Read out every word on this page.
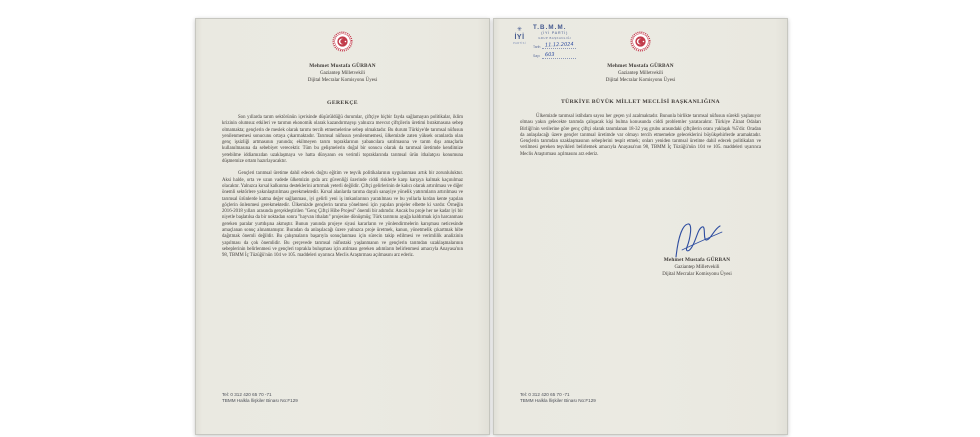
Mehmet Mustafa GÜRBAN
Gaziantep Milletvekili
Dijital Mecralar Komisyonu Üyesi
GEREKÇE

Son yıllarda tarım sektörünün içerisinde düşürüldüğü durumlar, çiftçiye hiçbir fayda sağlamayan politikalar, iklim krizinin olumsuz etkileri ve tarımın ekonomik olarak kazandırmayışı yalnızca mevcut çiftçilerin üretimi bırakmasına sebep olmamakta; gençlerin de meslek olarak tarımı tercih etmemelerine sebep olmaktadır. Bu durum Türkiye'de tarımsal nüfusun yenilenmemesi sonucunu ortaya çıkarmaktadır. Tarımsal nüfusun yenilenmemesi, ülkemizde zaten yüksek oranlarda olan genç işsizliği artmasının yanında; ekilmeyen tarım topraklarının yabancılara satılmasına ve tarım dışı amaçlarla kullanılmasına da sebebiyet verecektir. Tüm bu gelişmelerin doğal bir sonucu olarak da tarımsal üretimde kendimize yetebilme iddiamızdan uzaklaşmaya ve hatta dünyanın en verimli topraklarında tarımsal ürün ithalatçısı konumuna düşmemize ortam hazırlayacaktır.

Gençleri tarımsal üretime dahil edecek doğru eğitim ve teşvik politikalarının uygulanması artık bir zorunluluktur. Aksi halde, orta ve uzun vadede ülkemizin gıda arz güvenliği üzerinde ciddi risklerle karşı karşıya kalmak kaçınılmaz olacaktır. Yalnızca kırsal kalkınma desteklerini artırmak yeterli değildir. Çiftçi gelirlerinin de kalıcı olarak artırılması ve diğer önemli sektörlere yakınlaştırılması gerekmektedir. Kırsal alanlarda tarıma dayalı sanayiye yönelik yatırımların artırılması ve tarımsal ürünlerde katma değer sağlanması, iyi gelirli yeni iş imkanlarının yaratılması ve bu yollarla kırdan kente yapılan göçlerin önlenmesi gerekmektedir. Ülkemizde gençlerin tarıma yönelmesi için yapılan projeler elbette ki vardır. Örneğin 2016-2018 yılları arasında gerçekleştirilen "Genç Çiftçi Hibe Projesi" önemli bir adımdır. Ancak bu proje her ne kadar iyi bir niyetle başlatılsa da bir noktadan sonra "hayvan ithalatı" projesine dönüşmüş; Türk tarımını ayağa kaldırmak için harcanması gereken paralar yurtdışına akmıştır. Bunun yanında projeye siyasi kararların ve yönlendirmelerin karışması neticesinde amaçlanan sonuç alınamamıştır. Buradan da anlaşılacağı üzere yalnızca proje üretmek, kanun, yönetmelik çıkartmak hibe dağıtmak önemli değildir. Bu çalışmaların başarıyla sonuçlanması için sürecin takip edilmesi ve verimlilik analizinin yapılması da çok önemlidir. Bu çerçevede tarımsal nüfustaki yaşlanmanın ve gençlerin tarımdan uzaklaşmalarının sebeplerinin belirlenmesi ve gençleri toprakla buluşması için atılması gereken adımların belirlenmesi amacıyla Anayasa'nın 98, TBMM İç Tüzüğü'nün 104 ve 105. maddeleri uyarınca Meclis Araştırması açılmasını arz ederiz.

Tel: 0 312 420 65 70 -71
TBMM Halkla İlişkiler Binası No:F129
✳
İYİ
PARTİSİ
T.B.M.M.
(İYİ PARTİ)
GRUP BAŞKANLIĞI
Tarih 11.12.2024
Sayı 603
Mehmet Mustafa GÜRBAN
Gaziantep Milletvekili
Dijital Mecralar Komisyonu Üyesi
TÜRKİYE BÜYÜK MİLLET MECLİSİ BAŞKANLIĞINA

Ülkemizde tarımsal istihdam sayısı her geçen yıl azalmaktadır. Bununla birlikte tarımsal nüfusun sürekli yaşlanıyor olması yakın gelecekte tarımda çalışacak kişi bulma konusunda ciddi problemler yaratacaktır. Türkiye Ziraat Odaları Birliği'nin verilerine göre genç çiftçi olarak tanımlanan 18-32 yaş grubu arasındaki çiftçilerin oranı yaklaşık %5'dir. Oradan da anlaşılacağı üzere gençler tarımsal üretimde var olmayı tercih etmemekte geleceklerini büyükşehirlerde aramaktadır. Gençlerin tarımdan uzaklaşmasının sebeplerini tespit etmek; onları yeniden tarımsal üretime dahil edecek politikaları ve verilmesi gereken teşvikleri belirlemek amacıyla Anayasa'nın 98, TBMM İç Tüzüğü'nün 104 ve 105. maddeleri uyarınca Meclis Araştırması açılmasını arz ederiz.

Mehmet Mustafa GÜRBAN
Gaziantep Milletvekili
Dijital Mecralar Komisyonu Üyesi
Tel: 0 312 420 65 70 -71
TBMM Halkla İlişkiler Binası No:F129
